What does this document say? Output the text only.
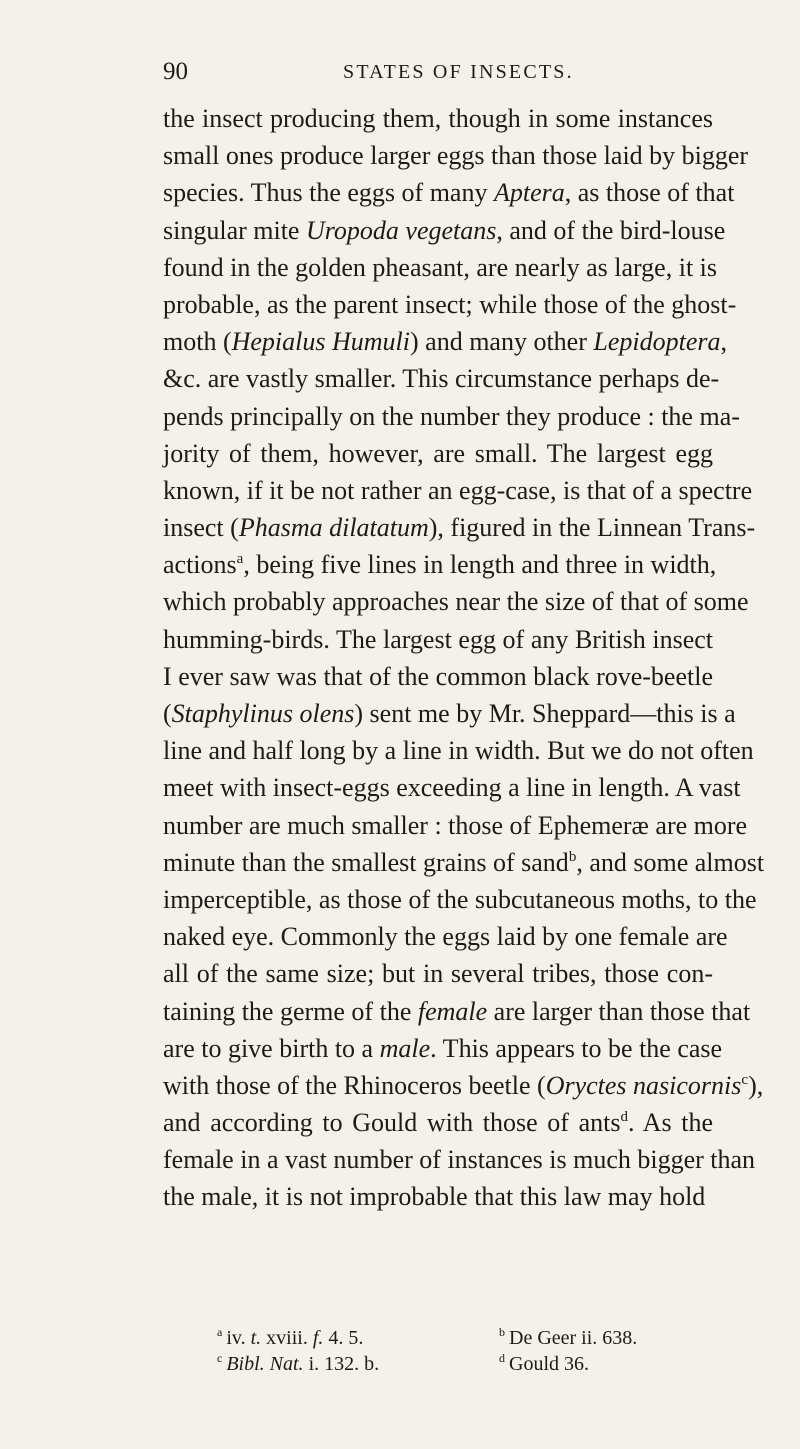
90	STATES OF INSECTS.
the insect producing them, though in some instances
small ones produce larger eggs than those laid by bigger
species. Thus the eggs of many Aptera, as those of that
singular mite Uropoda vegetans, and of the bird-louse
found in the golden pheasant, are nearly as large, it is
probable, as the parent insect; while those of the ghost-
moth (Hepialus Humuli) and many other Lepidoptera,
&c. are vastly smaller. This circumstance perhaps de-
pends principally on the number they produce : the ma-
jority of them, however, are small. The largest egg
known, if it be not rather an egg-case, is that of a spectre
insect (Phasma dilatatum), figured in the Linnean Trans-
actions$^a$, being five lines in length and three in width,
which probably approaches near the size of that of some
humming-birds. The largest egg of any British insect
I ever saw was that of the common black rove-beetle
(Staphylinus olens) sent me by Mr. Sheppard—this is a
line and half long by a line in width. But we do not often
meet with insect-eggs exceeding a line in length. A vast
number are much smaller : those of Ephemeræ are more
minute than the smallest grains of sand$^b$, and some almost
imperceptible, as those of the subcutaneous moths, to the
naked eye. Commonly the eggs laid by one female are
all of the same size; but in several tribes, those con-
taining the germe of the female are larger than those that
are to give birth to a male. This appears to be the case
with those of the Rhinoceros beetle (Oryctes nasicornis$^c$),
and according to Gould with those of ants$^d$. As the
female in a vast number of instances is much bigger than
the male, it is not improbable that this law may hold
$^a$ iv. t. xviii. f. 4. 5.	$^b$ De Geer ii. 638.
$^c$ Bibl. Nat. i. 132. b.	$^d$ Gould 36.
